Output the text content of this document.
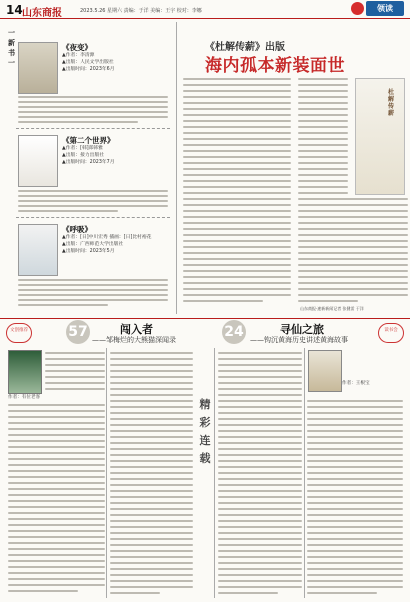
14 山东商报	2023.5.26 星期六 责编：于洋 美编：王宇 校对：李娜	领读
一新书一
《夜变》
▲作者：李清源
▲出版：人民文学出版社
▲出版时间：2023年6月
《第二个世界》
▲作者：[韩]郑韩雅
▲出版：接力出版社
▲出版时间：2023年7月
《呼吸》
▲作者：[日]中川宏秀 插画：[日]比村裕花
▲出版：广西师范大学出版社
▲出版时间：2023年5月
《杜解传薪》出版
海内孤本新装面世
杜解传薪
山东商报·速新新闻记者 张健雷 于洋
文创推荐	读书会
57	闯入者
——邹梅烂的大熊猫深闻录	24	寻仙之旅
——钩沉黄海历史讲述黄海故事
作者：有位老客
精
彩
连
载
作者：王根宝
